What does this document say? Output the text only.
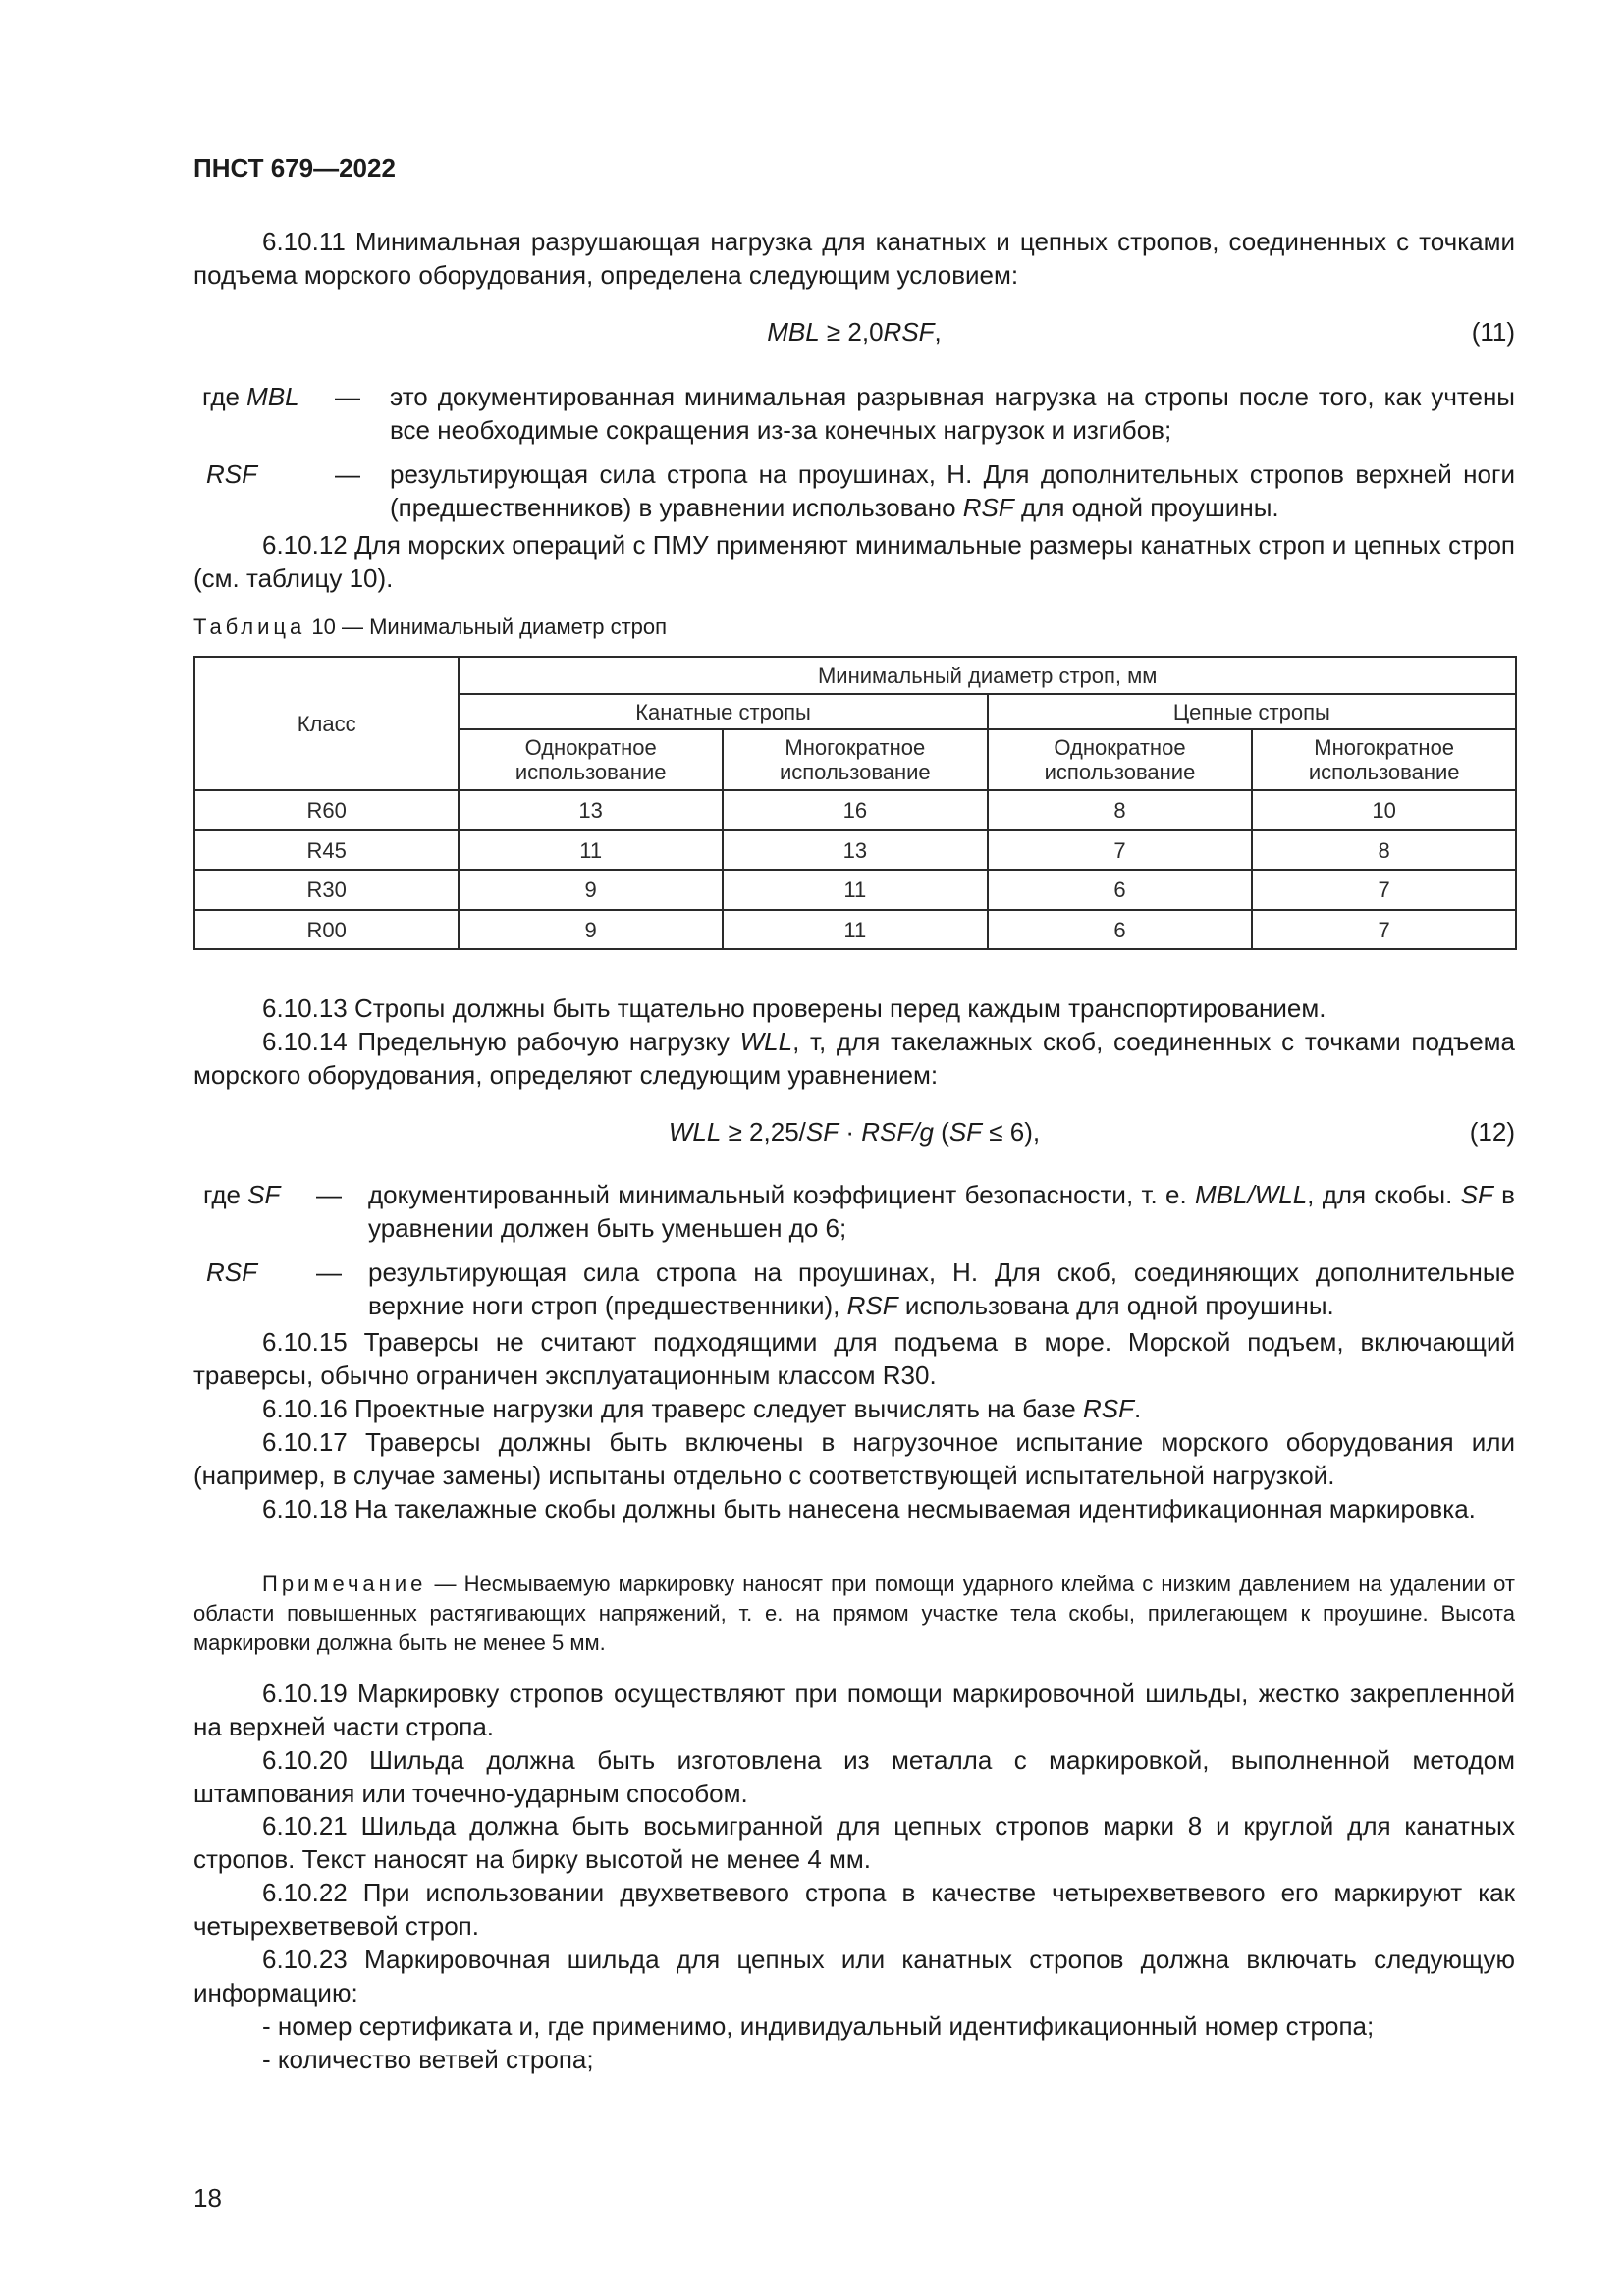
ПНСТ 679—2022

6.10.11 Минимальная разрушающая нагрузка для канатных и цепных стропов, соединенных с точками подъема морского оборудования, определена следующим условием:

MBL ≥ 2,0RSF,	(11)
где MBL — это документированная минимальная разрывная нагрузка на стропы после того, как учтены все необходимые сокращения из-за конечных нагрузок и изгибов;
RSF	— результирующая сила стропа на проушинах, Н. Для дополнительных стропов верхней ноги (предшественников) в уравнении использовано RSF для одной проушины.

6.10.12 Для морских операций с ПМУ применяют минимальные размеры канатных строп и цепных строп (см. таблицу 10).

Таблица 10 — Минимальный диаметр строп
Класс	Минимальный диаметр строп, мм			
	Канатные стропы		Цепные стропы	
	Однократное использование	Многократное использование	Однократное использование	Многократное использование
R60	13	16	8	10
R45	11	13	7	8
R30	9	11	6	7
R00	9	11	6	7

6.10.13 Стропы должны быть тщательно проверены перед каждым транспортированием.

6.10.14 Предельную рабочую нагрузку WLL, т, для такелажных скоб, соединенных с точками подъема морского оборудования, определяют следующим уравнением:

WLL ≥ 2,25/SF · RSF/g (SF ≤ 6),	(12)
где SF — документированный минимальный коэффициент безопасности, т. е. MBL/WLL, для скобы. SF в уравнении должен быть уменьшен до 6;
RSF — результирующая сила стропа на проушинах, Н. Для скоб, соединяющих дополнительные верхние ноги строп (предшественники), RSF использована для одной проушины.

6.10.15 Траверсы не считают подходящими для подъема в море. Морской подъем, включающий траверсы, обычно ограничен эксплуатационным классом R30.

6.10.16 Проектные нагрузки для траверс следует вычислять на базе RSF.

6.10.17 Траверсы должны быть включены в нагрузочное испытание морского оборудования или (например, в случае замены) испытаны отдельно с соответствующей испытательной нагрузкой.

6.10.18 На такелажные скобы должны быть нанесена несмываемая идентификационная маркировка.

Примечание — Несмываемую маркировку наносят при помощи ударного клейма с низким давлением на удалении от области повышенных растягивающих напряжений, т. е. на прямом участке тела скобы, прилегающем к проушине. Высота маркировки должна быть не менее 5 мм.

6.10.19 Маркировку стропов осуществляют при помощи маркировочной шильды, жестко закрепленной на верхней части стропа.

6.10.20 Шильда должна быть изготовлена из металла с маркировкой, выполненной методом штампования или точечно-ударным способом.

6.10.21 Шильда должна быть восьмигранной для цепных стропов марки 8 и круглой для канатных стропов. Текст наносят на бирку высотой не менее 4 мм.

6.10.22 При использовании двухветвевого стропа в качестве четырехветвевого его маркируют как четырехветвевой строп.

6.10.23 Маркировочная шильда для цепных или канатных стропов должна включать следующую информацию:

- номер сертификата и, где применимо, индивидуальный идентификационный номер стропа;

- количество ветвей стропа;

18
